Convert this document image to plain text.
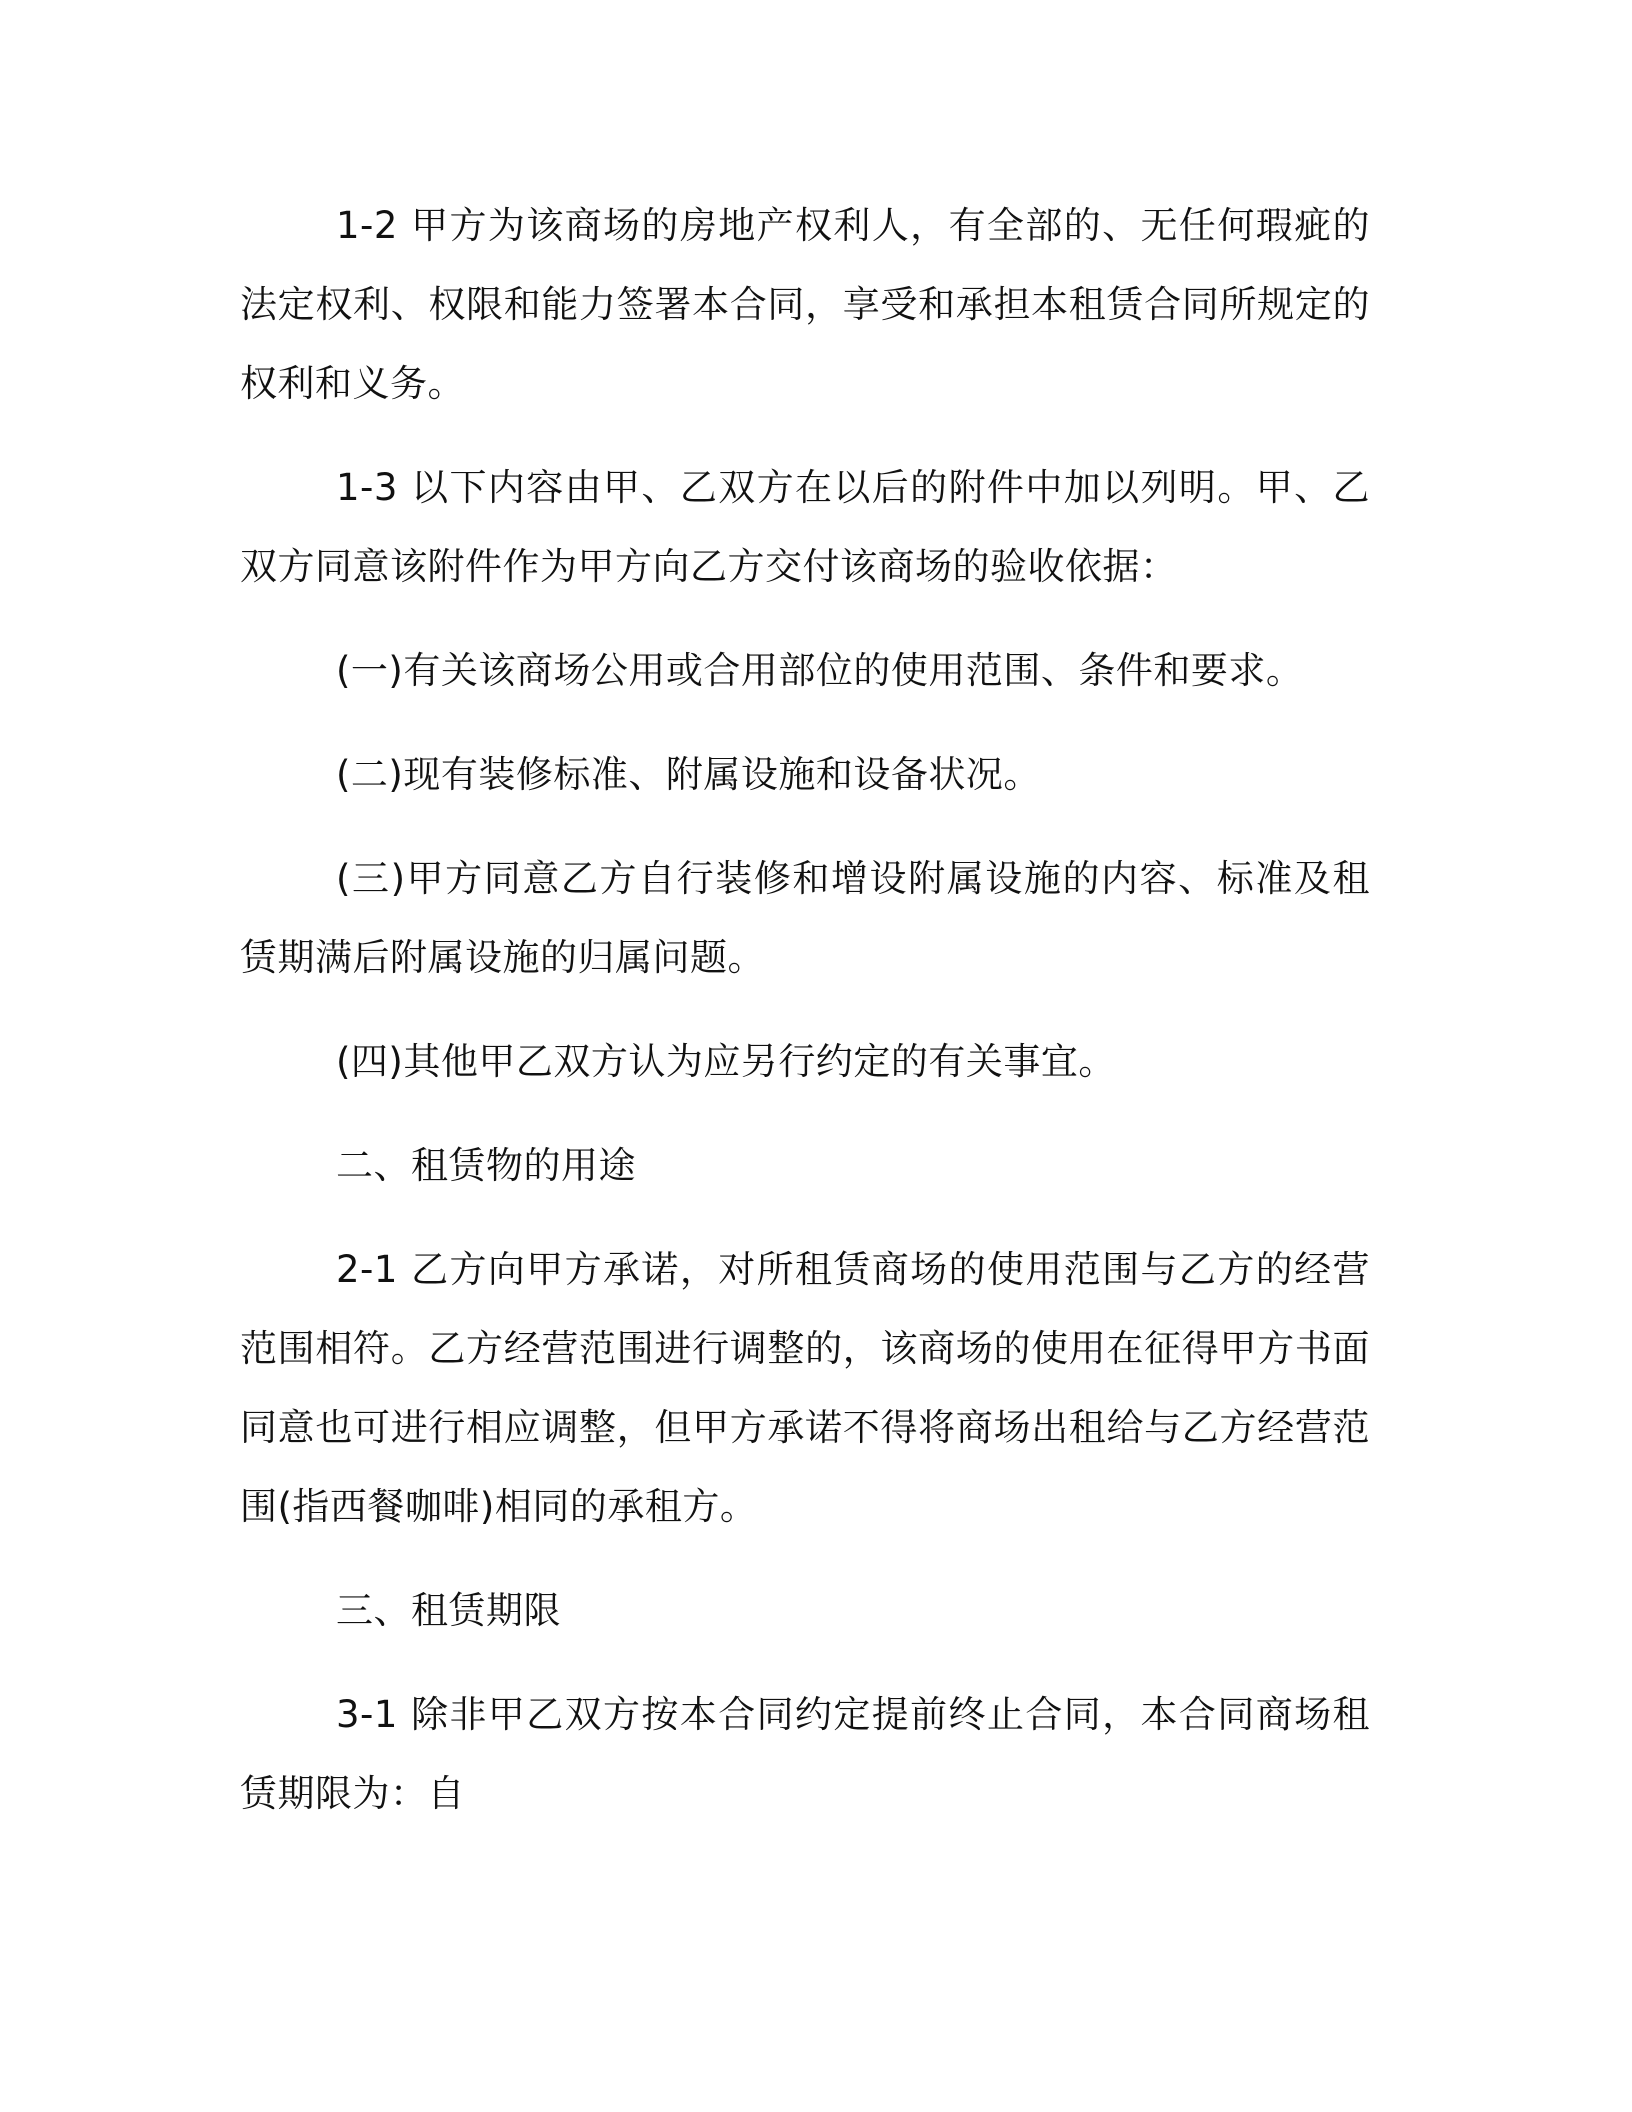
1-2 甲方为该商场的房地产权利人，有全部的、无任何瑕疵的法定权利、权限和能力签署本合同，享受和承担本租赁合同所规定的权利和义务。

1-3 以下内容由甲、乙双方在以后的附件中加以列明。甲、乙双方同意该附件作为甲方向乙方交付该商场的验收依据：

(一)有关该商场公用或合用部位的使用范围、条件和要求。

(二)现有装修标准、附属设施和设备状况。

(三)甲方同意乙方自行装修和增设附属设施的内容、标准及租赁期满后附属设施的归属问题。

(四)其他甲乙双方认为应另行约定的有关事宜。

二、租赁物的用途

2-1 乙方向甲方承诺，对所租赁商场的使用范围与乙方的经营范围相符。乙方经营范围进行调整的，该商场的使用在征得甲方书面同意也可进行相应调整，但甲方承诺不得将商场出租给与乙方经营范围(指西餐咖啡)相同的承租方。

三、租赁期限

3-1 除非甲乙双方按本合同约定提前终止合同，本合同商场租赁期限为：自
